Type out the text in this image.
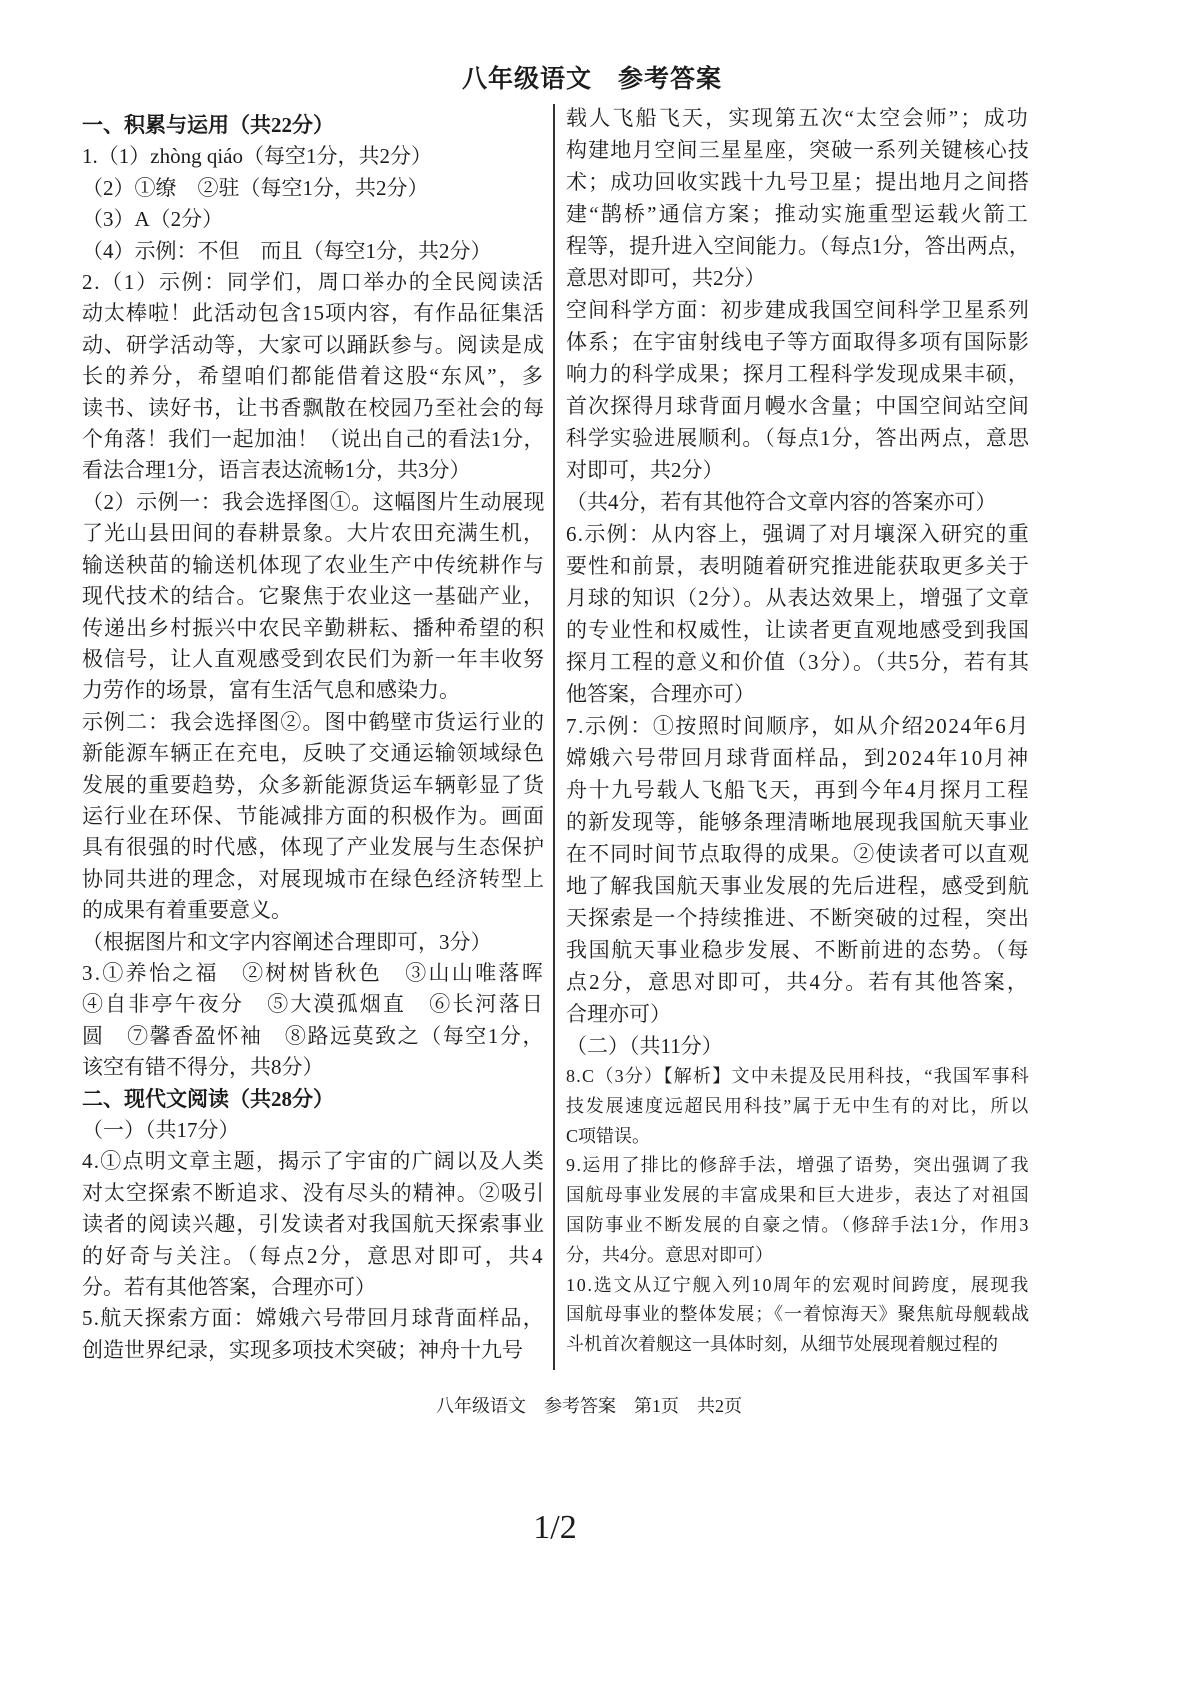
八年级语文　参考答案
一、积累与运用（共22分）
1.（1）zhòng qiáo（每空1分，共2分）
（2）①缭　②驻（每空1分，共2分）
（3）A（2分）
（4）示例：不但　而且（每空1分，共2分）
2.（1）示例：同学们，周口举办的全民阅读活
动太棒啦！此活动包含15项内容，有作品征集活
动、研学活动等，大家可以踊跃参与。阅读是成
长的养分，希望咱们都能借着这股“东风”，多
读书、读好书，让书香飘散在校园乃至社会的每
个角落！我们一起加油！（说出自己的看法1分，
看法合理1分，语言表达流畅1分，共3分）
（2）示例一：我会选择图①。这幅图片生动展现
了光山县田间的春耕景象。大片农田充满生机，
输送秧苗的输送机体现了农业生产中传统耕作与
现代技术的结合。它聚焦于农业这一基础产业，
传递出乡村振兴中农民辛勤耕耘、播种希望的积
极信号，让人直观感受到农民们为新一年丰收努
力劳作的场景，富有生活气息和感染力。
示例二：我会选择图②。图中鹤壁市货运行业的
新能源车辆正在充电，反映了交通运输领域绿色
发展的重要趋势，众多新能源货运车辆彰显了货
运行业在环保、节能减排方面的积极作为。画面
具有很强的时代感，体现了产业发展与生态保护
协同共进的理念，对展现城市在绿色经济转型上
的成果有着重要意义。
（根据图片和文字内容阐述合理即可，3分）
3.①养怡之福　②树树皆秋色　③山山唯落晖
④自非亭午夜分　⑤大漠孤烟直　⑥长河落日
圆　⑦馨香盈怀袖　⑧路远莫致之（每空1分，
该空有错不得分，共8分）
二、现代文阅读（共28分）
（一）（共17分）
4.①点明文章主题，揭示了宇宙的广阔以及人类
对太空探索不断追求、没有尽头的精神。②吸引
读者的阅读兴趣，引发读者对我国航天探索事业
的好奇与关注。（每点2分，意思对即可，共4
分。若有其他答案，合理亦可）
5.航天探索方面：嫦娥六号带回月球背面样品，
创造世界纪录，实现多项技术突破；神舟十九号
载人飞船飞天，实现第五次“太空会师”；成功
构建地月空间三星星座，突破一系列关键核心技
术；成功回收实践十九号卫星；提出地月之间搭
建“鹊桥”通信方案；推动实施重型运载火箭工
程等，提升进入空间能力。（每点1分，答出两点，
意思对即可，共2分）
空间科学方面：初步建成我国空间科学卫星系列
体系；在宇宙射线电子等方面取得多项有国际影
响力的科学成果；探月工程科学发现成果丰硕，
首次探得月球背面月幔水含量；中国空间站空间
科学实验进展顺利。（每点1分，答出两点，意思
对即可，共2分）
（共4分，若有其他符合文章内容的答案亦可）
6.示例：从内容上，强调了对月壤深入研究的重
要性和前景，表明随着研究推进能获取更多关于
月球的知识（2分）。从表达效果上，增强了文章
的专业性和权威性，让读者更直观地感受到我国
探月工程的意义和价值（3分）。（共5分，若有其
他答案，合理亦可）
7.示例：①按照时间顺序，如从介绍2024年6月
嫦娥六号带回月球背面样品，到2024年10月神
舟十九号载人飞船飞天，再到今年4月探月工程
的新发现等，能够条理清晰地展现我国航天事业
在不同时间节点取得的成果。②使读者可以直观
地了解我国航天事业发展的先后进程，感受到航
天探索是一个持续推进、不断突破的过程，突出
我国航天事业稳步发展、不断前进的态势。（每
点2分，意思对即可，共4分。若有其他答案，
合理亦可）
（二）（共11分）
8.C（3分）【解析】文中未提及民用科技，“我国军事科
技发展速度远超民用科技”属于无中生有的对比，所以
C项错误。
9.运用了排比的修辞手法，增强了语势，突出强调了我
国航母事业发展的丰富成果和巨大进步，表达了对祖国
国防事业不断发展的自豪之情。（修辞手法1分，作用3
分，共4分。意思对即可）
10.选文从辽宁舰入列10周年的宏观时间跨度，展现我
国航母事业的整体发展；《一着惊海天》聚焦航母舰载战
斗机首次着舰这一具体时刻，从细节处展现着舰过程的
八年级语文　参考答案　第1页　共2页
1/2
